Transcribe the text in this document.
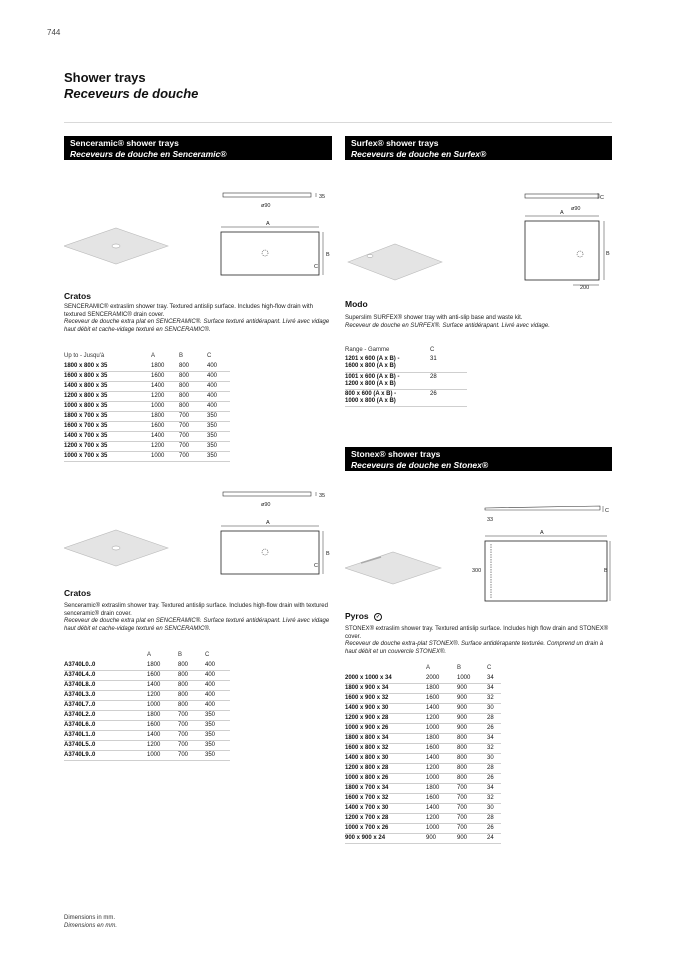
744
Shower trays
Receveurs de douche
Senceramic® shower trays
Receveurs de douche en Senceramic®
35
ø90
A
B
C
Cratos
SENCERAMIC® extraslim shower tray. Textured antislip surface. Includes high-flow drain with textured SENCERAMIC® drain cover.
Receveur de douche extra plat en SENCERAMIC®. Surface texturé antidérapant. Livré avec vidage haut débit et cache-vidage texturé en SENCERAMIC®.
Up to - Jusqu'à	A	B	C
1800 x 800 x 35	1800	800	400
1600 x 800 x 35	1600	800	400
1400 x 800 x 35	1400	800	400
1200 x 800 x 35	1200	800	400
1000 x 800 x 35	1000	800	400
1800 x 700 x 35	1800	700	350
1600 x 700 x 35	1600	700	350
1400 x 700 x 35	1400	700	350
1200 x 700 x 35	1200	700	350
1000 x 700 x 35	1000	700	350
35
ø90
A
B
C
Cratos
Senceramic® extraslim shower tray. Textured antislip surface. Includes high-flow drain with textured senceramic® drain cover.
Receveur de douche extra plat en SENCERAMIC®. Surface texturé antidérapant. Livré avec vidage haut débit et cache-vidage texturé en SENCERAMIC®.
	A	B	C
A3740L0..0	1800	800	400
A3740L4..0	1600	800	400
A3740L8..0	1400	800	400
A3740L3..0	1200	800	400
A3740L7..0	1000	800	400
A3740L2..0	1800	700	350
A3740L6..0	1600	700	350
A3740L1..0	1400	700	350
A3740L5..0	1200	700	350
A3740L9..0	1000	700	350
Surfex® shower trays
Receveurs de douche en Surfex®
C
ø90
A
B
200
Modo
Superslim SURFEX® shower tray with anti-slip base and waste kit.
Receveur de douche en SURFEX®. Surface antidérapant. Livré avec vidage.
Range - Gamme	C

1201 x 600 (A x B) -
1600 x 800 (A x B)	31

1001 x 600 (A x B) -
1200 x 800 (A x B)	28

800 x 600 (A x B) -
1000 x 800 (A x B)	26
Stonex® shower trays
Receveurs de douche en Stonex®
C
33
A
300	B
Pyros ✓
STONEX® extraslim shower tray. Textured antislip surface. Includes high flow drain and STONEX® cover.
Receveur de douche extra-plat STONEX®. Surface antidérapante texturée. Comprend un drain à haut débit et un couvercle STONEX®.
	A	B	C
2000 x 1000 x 34	2000	1000	34
1800 x 900 x 34	1800	900	34
1600 x 900 x 32	1600	900	32
1400 x 900 x 30	1400	900	30
1200 x 900 x 28	1200	900	28
1000 x 900 x 26	1000	900	26
1800 x 800 x 34	1800	800	34
1600 x 800 x 32	1600	800	32
1400 x 800 x 30	1400	800	30
1200 x 800 x 28	1200	800	28
1000 x 800 x 26	1000	800	26
1800 x 700 x 34	1800	700	34
1600 x 700 x 32	1600	700	32
1400 x 700 x 30	1400	700	30
1200 x 700 x 28	1200	700	28
1000 x 700 x 26	1000	700	26
900 x 900 x 24	900	900	24
Dimensions in mm.
Dimensions en mm.
